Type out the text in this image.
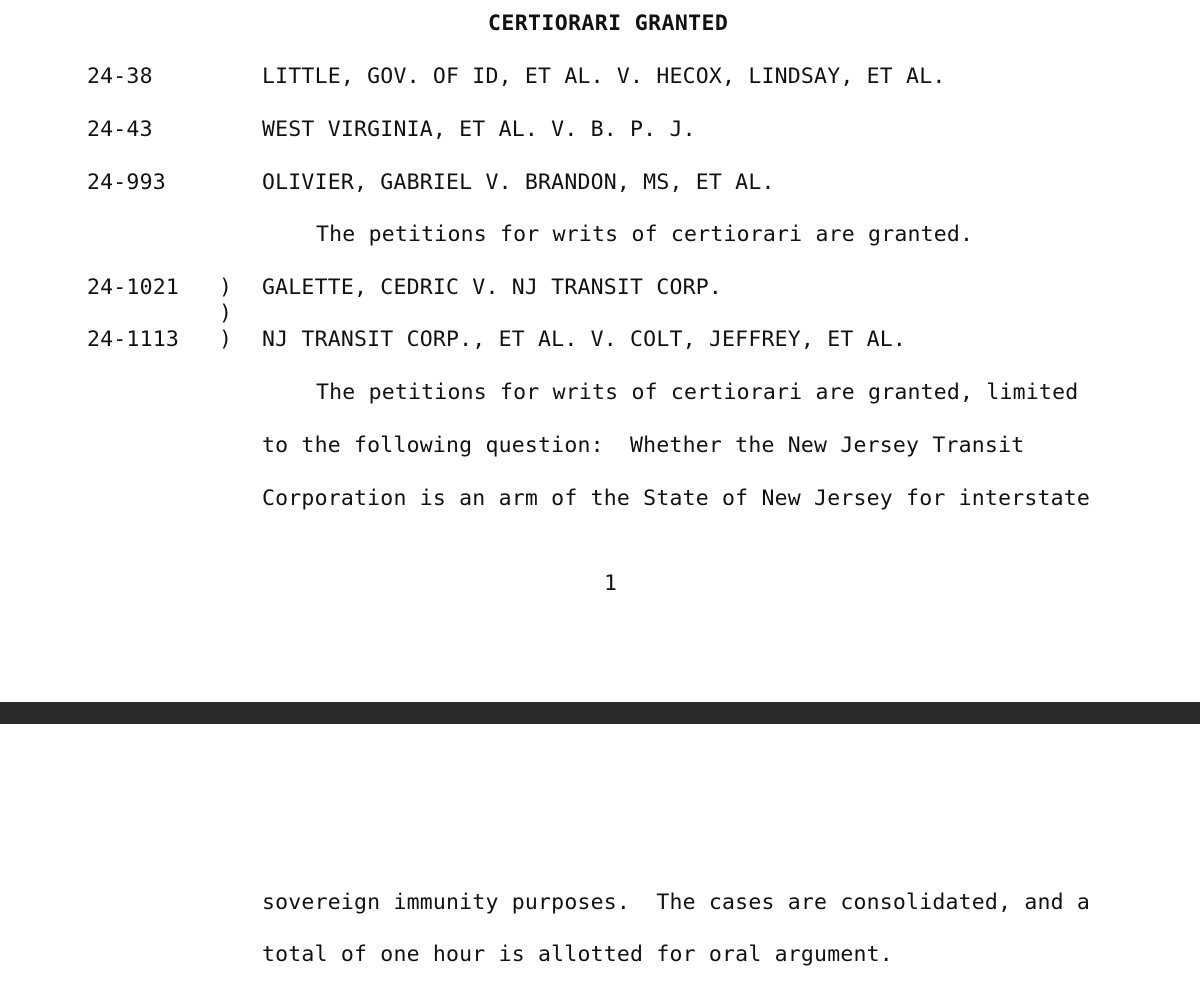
CERTIORARI GRANTED
24-38	LITTLE, GOV. OF ID, ET AL. V. HECOX, LINDSAY, ET AL.
24-43	WEST VIRGINIA, ET AL. V. B. P. J.
24-993	OLIVIER, GABRIEL V. BRANDON, MS, ET AL.
The petitions for writs of certiorari are granted.
24-1021 ) GALETTE, CEDRIC V. NJ TRANSIT CORP.
)
24-1113 ) NJ TRANSIT CORP., ET AL. V. COLT, JEFFREY, ET AL.
The petitions for writs of certiorari are granted, limited
to the following question:  Whether the New Jersey Transit
Corporation is an arm of the State of New Jersey for interstate
1
sovereign immunity purposes.  The cases are consolidated, and a
total of one hour is allotted for oral argument.
